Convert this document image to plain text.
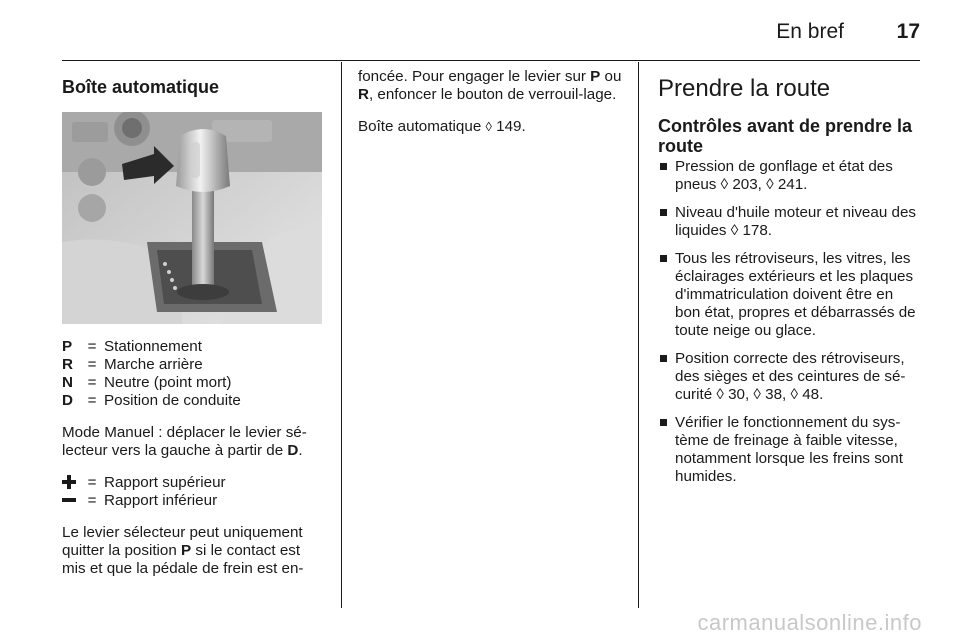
En bref	17
Boîte automatique
P	=	Stationnement
R	=	Marche arrière
N	=	Neutre (point mort)
D	=	Position de conduite

Mode Manuel : déplacer le levier sé-lecteur vers la gauche à partir de D.

	=	Rapport supérieur
	=	Rapport inférieur

Le levier sélecteur peut uniquement quitter la position P si le contact est mis et que la pédale de frein est en-

foncée. Pour engager le levier sur P ou R, enfoncer le bouton de verrouil-lage.

Boîte automatique ◊ 149.

Prendre la route
Contrôles avant de prendre la route
Pression de gonflage et état des pneus ◊ 203, ◊ 241.
Niveau d'huile moteur et niveau des liquides ◊ 178.
Tous les rétroviseurs, les vitres, les éclairages extérieurs et les plaques d'immatriculation doivent être en bon état, propres et débarrassés de toute neige ou glace.
Position correcte des rétroviseurs, des sièges et des ceintures de sé-curité ◊ 30, ◊ 38, ◊ 48.
Vérifier le fonctionnement du sys-tème de freinage à faible vitesse, notamment lorsque les freins sont humides.
carmanualsonline.info
